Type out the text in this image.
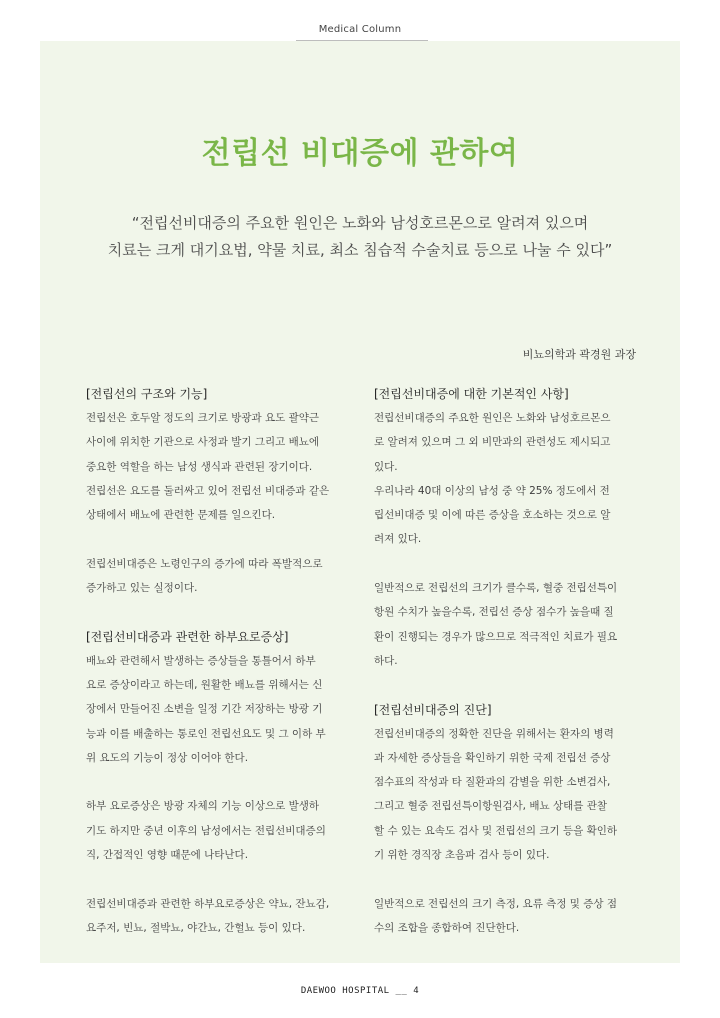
Medical Column
전립선 비대증에 관하여
“전립선비대증의 주요한 원인은 노화와 남성호르몬으로 알려져 있으며
치료는 크게 대기요법, 약물 치료, 최소 침습적 수술치료 등으로 나눌 수 있다”
비뇨의학과 곽경원 과장
[전립선의 구조와 기능]
전립선은 호두알 정도의 크기로 방광과 요도 괄약근
사이에 위치한 기관으로 사정과 발기 그리고 배뇨에
중요한 역할을 하는 남성 생식과 관련된 장기이다.
전립선은 요도를 둘러싸고 있어 전립선 비대증과 같은
상태에서 배뇨에 관련한 문제를 일으킨다.
전립선비대증은 노령인구의 증가에 따라 폭발적으로
증가하고 있는 실정이다.
[전립선비대증과 관련한 하부요로증상]
배뇨와 관련해서 발생하는 증상들을 통틀어서 하부
요로 증상이라고 하는데, 원활한 배뇨를 위해서는 신
장에서 만들어진 소변을 일정 기간 저장하는 방광 기
능과 이를 배출하는 통로인 전립선요도 및 그 이하 부
위 요도의 기능이 정상 이어야 한다.
하부 요로증상은 방광 자체의 기능 이상으로 발생하
기도 하지만 중년 이후의 남성에서는 전립선비대증의
직, 간접적인 영향 때문에 나타난다.
전립선비대증과 관련한 하부요로증상은 약뇨, 잔뇨감,
요주저, 빈뇨, 절박뇨, 야간뇨, 간헐뇨 등이 있다.
[전립선비대증에 대한 기본적인 사항]
전립선비대증의 주요한 원인은 노화와 남성호르몬으
로 알려져 있으며 그 외 비만과의 관련성도 제시되고
있다.
우리나라 40대 이상의 남성 중 약 25% 정도에서 전
립선비대증 및 이에 따른 증상을 호소하는 것으로 알
려져 있다.
일반적으로 전립선의 크기가 클수록, 혈중 전립선특이
항원 수치가 높을수록, 전립선 증상 점수가 높을때 질
환이 진행되는 경우가 많으므로 적극적인 치료가 필요
하다.
[전립선비대증의 진단]
전립선비대증의 정확한 진단을 위해서는 환자의 병력
과 자세한 증상들을 확인하기 위한 국제 전립선 증상
점수표의 작성과 타 질환과의 감별을 위한 소변검사,
그리고 혈중 전립선특이항원검사, 배뇨 상태를 관찰
할 수 있는 요속도 검사 및 전립선의 크기 등을 확인하
기 위한 경직장 초음파 검사 등이 있다.
일반적으로 전립선의 크기 측정, 요류 측정 및 증상 점
수의 조합을 종합하여 진단한다.
DAEWOO HOSPITAL __ 4
